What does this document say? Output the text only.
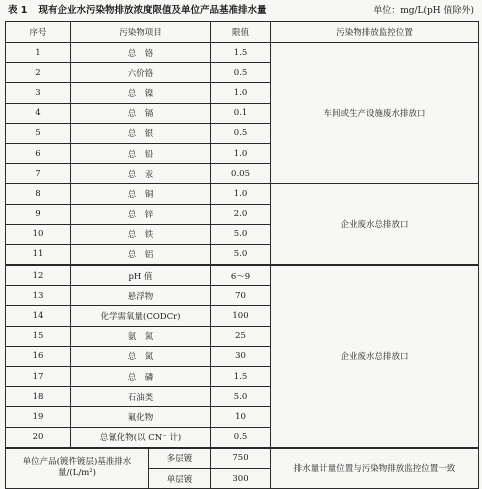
表 1 现有企业水污染物排放浓度限值及单位产品基准排水量	单位：mg/L(pH 值除外)
序号	污染物项目		限值	污染物排放监控位置
1	总　铬		1.5	车间或生产设施废水排放口
2	六价铬		0.5	
3	总　镍		1.0	
4	总　镉		0.1	
5	总　银		0.5	
6	总　铅		1.0	
7	总　汞		0.05	
8	总　铜		1.0	企业废水总排放口
9	总　锌		2.0	
10	总　铁		5.0	
11	总　铝		5.0	
12	pH 值		6～9	企业废水总排放口
13	悬浮物		70	
14	化学需氧量(CODCr)		100	
15	氨　氮		25	
16	总　氮		30	
17	总　磷		1.5	
18	石油类		5.0	
19	氟化物		10	
20	总氰化物(以 CN⁻ 计)		0.5	
单位产品(镀件镀层)基准排水量/(L/m²)		多层镀	750	排水量计量位置与污染物排放监控位置一致
		单层镀	300	
